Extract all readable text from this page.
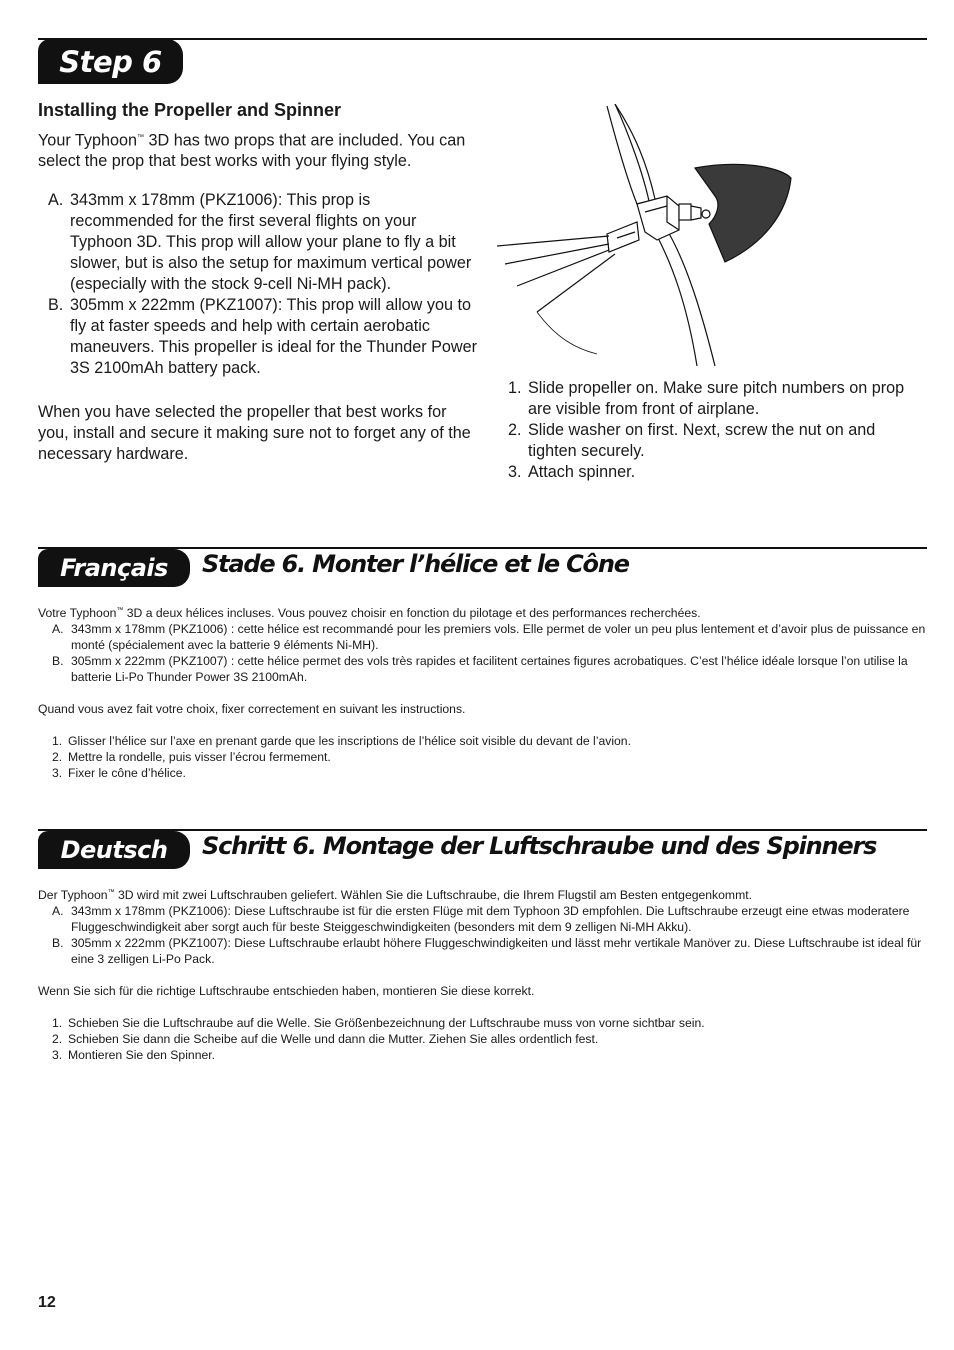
Step 6
Installing the Propeller and Spinner

Your Typhoon™ 3D has two props that are included. You can select the prop that best works with your flying style.

A. 343mm x 178mm (PKZ1006): This prop is recommended for the first several flights on your Typhoon 3D. This prop will allow your plane to fly a bit slower, but is also the setup for maximum vertical power (especially with the stock 9-cell Ni-MH pack).
B. 305mm x 222mm (PKZ1007): This prop will allow you to fly at faster speeds and help with certain aerobatic maneuvers. This propeller is ideal for the Thunder Power 3S 2100mAh battery pack.

When you have selected the propeller that best works for you, install and secure it making sure not to forget any of the necessary hardware.

1. Slide propeller on. Make sure pitch numbers on prop are visible from front of airplane.
2. Slide washer on first. Next, screw the nut on and tighten securely.
3. Attach spinner.
Français	Stade 6. Monter l’hélice et le Cône

Votre Typhoon™ 3D a deux hélices incluses. Vous pouvez choisir en fonction du pilotage et des performances recherchées.

A. 343mm x 178mm (PKZ1006) : cette hélice est recommandé pour les premiers vols. Elle permet de voler un peu plus lentement et d’avoir plus de puissance en monté (spécialement avec la batterie 9 éléments Ni-MH).
B. 305mm x 222mm (PKZ1007) : cette hélice permet des vols très rapides et facilitent certaines figures acrobatiques. C’est l’hélice idéale lorsque l’on utilise la batterie Li-Po Thunder Power 3S 2100mAh.

Quand vous avez fait votre choix, fixer correctement en suivant les instructions.

1. Glisser l’hélice sur l’axe en prenant garde que les inscriptions de l’hélice soit visible du devant de l’avion.
2. Mettre la rondelle, puis visser l’écrou fermement.
3. Fixer le cône d’hélice.
Deutsch	Schritt 6. Montage der Luftschraube und des Spinners

Der Typhoon™ 3D wird mit zwei Luftschrauben geliefert. Wählen Sie die Luftschraube, die Ihrem Flugstil am Besten entgegenkommt.

A. 343mm x 178mm (PKZ1006): Diese Luftschraube ist für die ersten Flüge mit dem Typhoon 3D empfohlen. Die Luftschraube erzeugt eine etwas moderatere Fluggeschwindigkeit aber sorgt auch für beste Steiggeschwindigkeiten (besonders mit dem 9 zelligen Ni-MH Akku).
B. 305mm x 222mm (PKZ1007): Diese Luftschraube erlaubt höhere Fluggeschwindigkeiten und lässt mehr vertikale Manöver zu. Diese Luftschraube ist ideal für eine 3 zelligen Li-Po Pack.

Wenn Sie sich für die richtige Luftschraube entschieden haben, montieren Sie diese korrekt.

1. Schieben Sie die Luftschraube auf die Welle. Sie Größenbezeichnung der Luftschraube muss von vorne sichtbar sein.
2. Schieben Sie dann die Scheibe auf die Welle und dann die Mutter. Ziehen Sie alles ordentlich fest.
3. Montieren Sie den Spinner.
12
